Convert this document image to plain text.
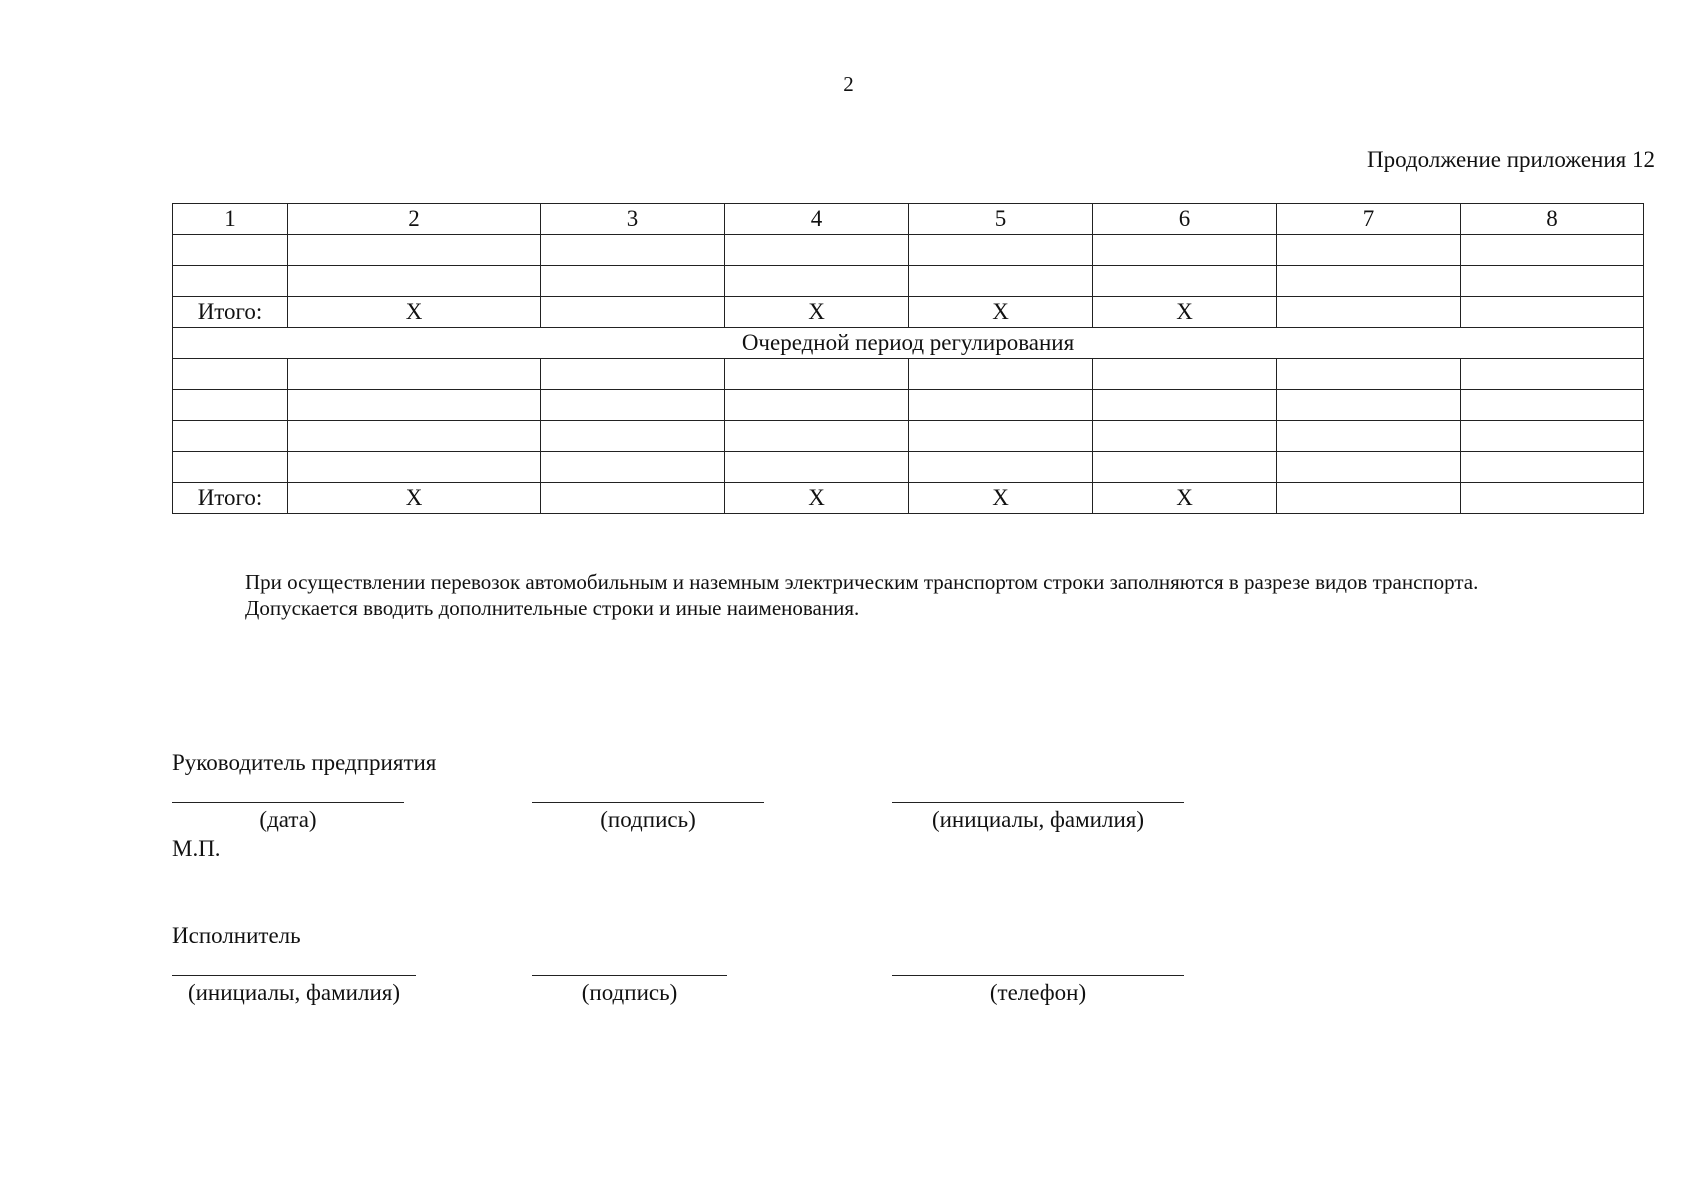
2
Продолжение приложения 12
1	2	3	4	5	6	7	8

Итого:	X		X	X	X		
Очередной период регулирования							

Итого:	X		X	X	X		

При осуществлении перевозок автомобильным и наземным электрическим транспортом строки заполняются в разрезе видов транспорта.

Допускается вводить дополнительные строки и иные наименования.

Руководитель предприятия
(дата)	(подпись)	(инициалы, фамилия)
М.П.
Исполнитель
(инициалы, фамилия)	(подпись)	(телефон)
